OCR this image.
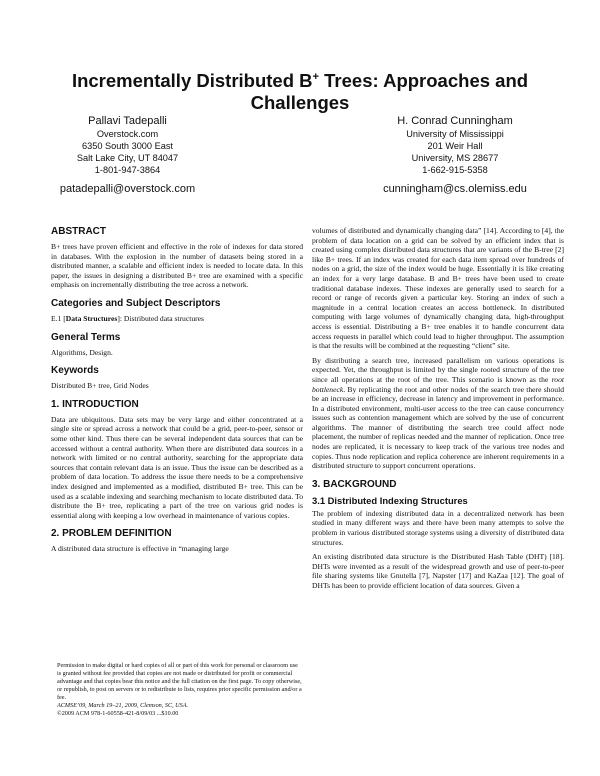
Incrementally Distributed B+ Trees: Approaches and Challenges
Pallavi Tadepalli
Overstock.com
6350 South 3000 East
Salt Lake City, UT 84047
1-801-947-3864
patadepalli@overstock.com
H. Conrad Cunningham
University of Mississippi
201 Weir Hall
University, MS 28677
1-662-915-5358
cunningham@cs.olemiss.edu
ABSTRACT

B+ trees have proven efficient and effective in the role of indexes for data stored in databases. With the explosion in the number of datasets being stored in a distributed manner, a scalable and efficient index is needed to locate data. In this paper, the issues in designing a distributed B+ tree are examined with a specific emphasis on incrementally distributing the tree across a network.

Categories and Subject Descriptors

E.1 [Data Structures]: Distributed data structures

General Terms

Algorithms, Design.

Keywords

Distributed B+ tree, Grid Nodes

1. INTRODUCTION

Data are ubiquitous. Data sets may be very large and either concentrated at a single site or spread across a network that could be a grid, peer-to-peer, sensor or some other kind. Thus there can be several independent data sources that can be accessed without a central authority. When there are distributed data sources in a network with limited or no central authority, searching for the appropriate data sources that contain relevant data is an issue. Thus the issue can be described as a problem of data location. To address the issue there needs to be a comprehensive index designed and implemented as a modified, distributed B+ tree. This can be used as a scalable indexing and searching mechanism to locate distributed data. To distribute the B+ tree, replicating a part of the tree on various grid nodes is essential along with keeping a low overhead in maintenance of various copies.

2. PROBLEM DEFINITION

A distributed data structure is effective in “managing large

Permission to make digital or hard copies of all or part of this work for personal or classroom use is granted without fee provided that copies are not made or distributed for profit or commercial advantage and that copies bear this notice and the full citation on the first page. To copy otherwise, or republish, to post on servers or to redistribute to lists, requires prior specific permission and/or a fee.

ACMSE’09, March 19–21, 2009, Clemson, SC, USA.

©2009 ACM 978-1-60558-421-8/09/03 ...$10.00

volumes of distributed and dynamically changing data” [14]. According to [4], the problem of data location on a grid can be solved by an efficient index that is created using complex distributed data structures that are variants of the B-tree [2] like B+ trees. If an index was created for each data item spread over hundreds of nodes on a grid, the size of the index would be huge. Essentially it is like creating an index for a very large database. B and B+ trees have been used to create traditional database indexes. These indexes are generally used to search for a record or range of records given a particular key. Storing an index of such a magnitude in a central location creates an access bottleneck. In distributed computing with large volumes of dynamically changing data, high-throughput access is essential. Distributing a B+ tree enables it to handle concurrent data access requests in parallel which could lead to higher throughput. The assumption is that the results will be combined at the requesting “client” site.

By distributing a search tree, increased parallelism on various operations is expected. Yet, the throughput is limited by the single rooted structure of the tree since all operations at the root of the tree. This scenario is known as the root bottleneck. By replicating the root and other nodes of the search tree there should be an increase in efficiency, decrease in latency and improvement in performance. In a distributed environment, multi-user access to the tree can cause concurrency issues such as contention management which are solved by the use of concurrent algorithms. The manner of distributing the search tree could affect node placement, the number of replicas needed and the manner of replication. Once tree nodes are replicated, it is necessary to keep track of the various tree nodes and copies. Thus node replication and replica coherence are inherent requirements in a distributed structure to support concurrent operations.

3. BACKGROUND
3.1 Distributed Indexing Structures

The problem of indexing distributed data in a decentralized network has been studied in many different ways and there have been many attempts to solve the problem in various distributed storage systems using a diversity of distributed data structures.

An existing distributed data structure is the Distributed Hash Table (DHT) [18]. DHTs were invented as a result of the widespread growth and use of peer-to-peer file sharing systems like Gnutella [7], Napster [17] and KaZaa [12]. The goal of DHTs has been to provide efficient location of data sources. Given a
